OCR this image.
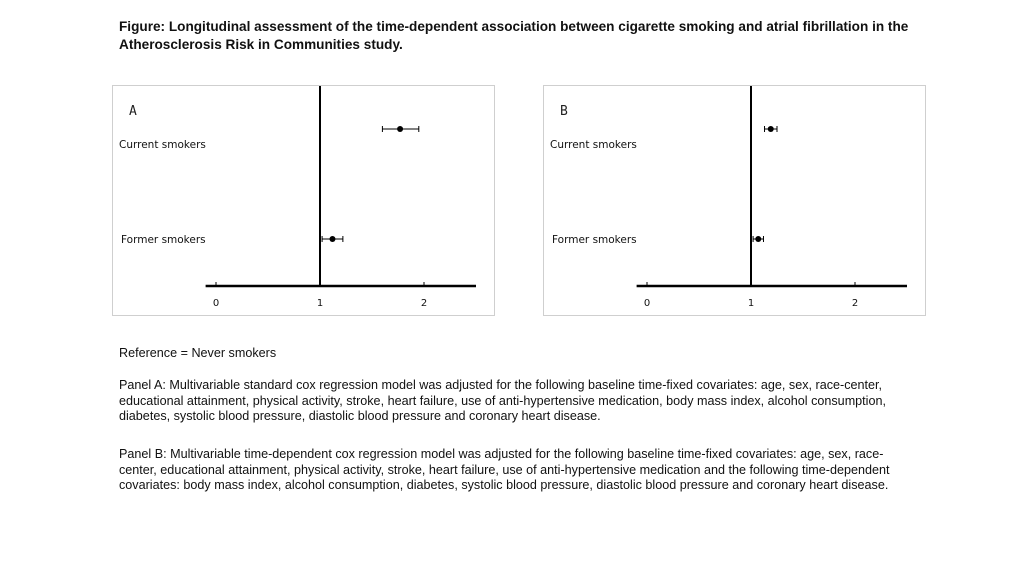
Figure: Longitudinal assessment of the time-dependent association between cigarette smoking and atrial fibrillation in the Atherosclerosis Risk in Communities study.

A
0	1	2
Current smokers
Former smokers
B
0	1	2
Current smokers
Former smokers

Reference = Never smokers

Panel A: Multivariable standard cox regression model was adjusted for the following baseline time-fixed covariates: age, sex, race-center, educational attainment, physical activity, stroke, heart failure, use of anti-hypertensive medication, body mass index, alcohol consumption, diabetes, systolic blood pressure, diastolic blood pressure and coronary heart disease.

Panel B: Multivariable time-dependent cox regression model was adjusted for the following baseline time-fixed covariates: age, sex, race-center, educational attainment, physical activity, stroke, heart failure, use of anti-hypertensive medication and the following time-dependent covariates: body mass index, alcohol consumption, diabetes, systolic blood pressure, diastolic blood pressure and coronary heart disease.
